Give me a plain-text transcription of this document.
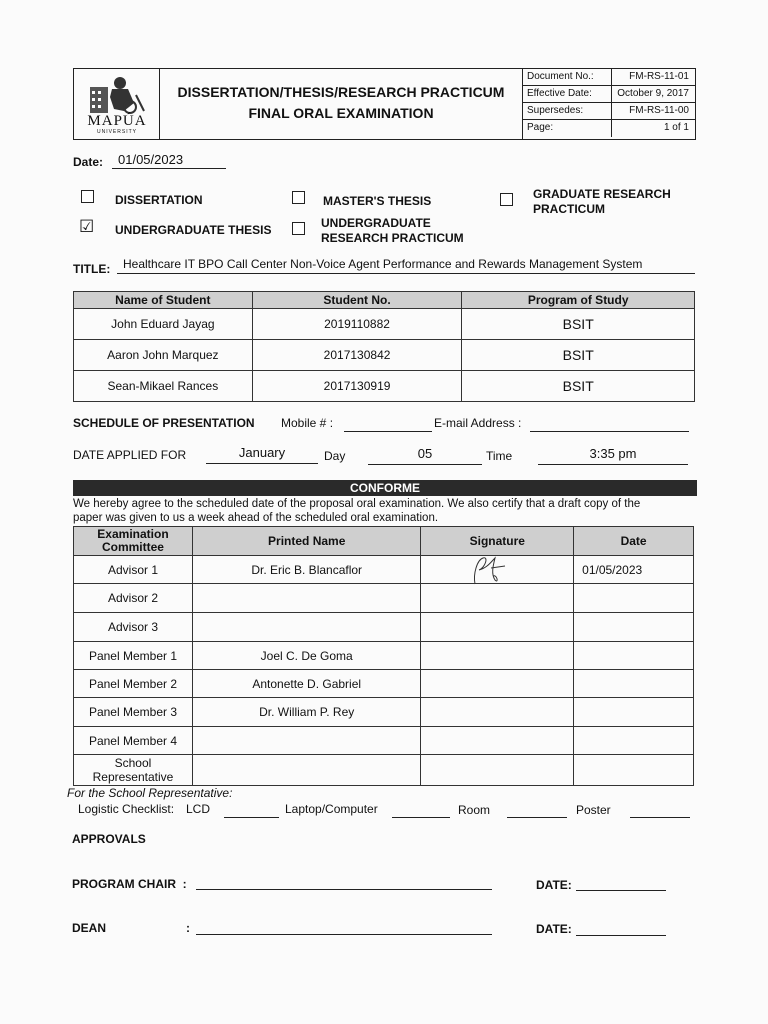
MAPÚA
UNIVERSITY
DISSERTATION/THESIS/RESEARCH PRACTICUM
FINAL ORAL EXAMINATION
Document No.:	FM-RS-11-01
Effective Date:	October 9, 2017
Supersedes:	FM-RS-11-00
Page:	1 of 1
Date:	01/05/2023
DISSERTATION	MASTER'S THESIS	GRADUATE RESEARCH
PRACTICUM
☑ UNDERGRADUATE THESIS	UNDERGRADUATE
RESEARCH PRACTICUM
TITLE:	Healthcare IT BPO Call Center Non-Voice Agent Performance and Rewards Management System
Name of Student	Student No.	Program of Study
John Eduard Jayag	2019110882	BSIT
Aaron John Marquez	2017130842	BSIT
Sean-Mikael Rances	2017130919	BSIT
SCHEDULE OF PRESENTATION Mobile # :	E-mail Address :
DATE APPLIED FOR	January	Day	05	Time	3:35 pm
CONFORME
We hereby agree to the scheduled date of the proposal oral examination. We also certify that a draft copy of the
paper was given to us a week ahead of the scheduled oral examination.
Examination Committee	Printed Name	Signature	Date
Advisor 1	Dr. Eric B. Blancaflor		01/05/2023
Advisor 2			
Advisor 3			
Panel Member 1	Joel C. De Goma		
Panel Member 2	Antonette D. Gabriel		
Panel Member 3	Dr. William P. Rey		
Panel Member 4			
School Representative			
For the School Representative:
Logistic Checklist: LCD	Laptop/Computer	Room	Poster
APPROVALS
PROGRAM CHAIR  :	DATE:
DEAN	:	DATE:
